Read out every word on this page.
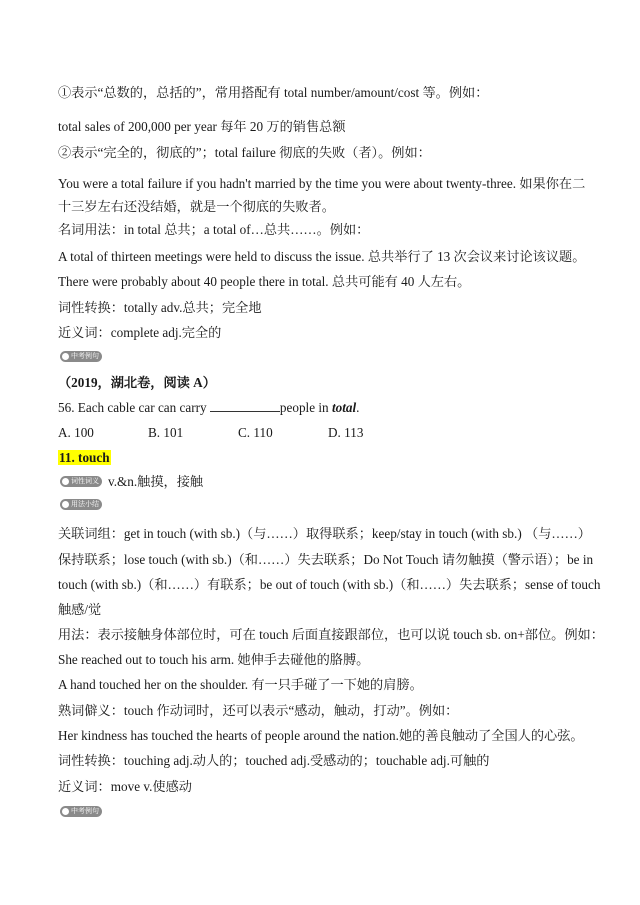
①表示“总数的，总括的”，常用搭配有 total number/amount/cost 等。例如：
total sales of 200,000 per year 每年 20 万的销售总额
②表示“完全的，彻底的”；total failure 彻底的失败（者）。例如：
You were a total failure if you hadn't married by the time you were about twenty-three. 如果你在二
十三岁左右还没结婚，就是一个彻底的失败者。
名词用法：in total 总共；a total of…总共……。例如：
A total of thirteen meetings were held to discuss the issue. 总共举行了 13 次会议来讨论该议题。
There were probably about 40 people there in total. 总共可能有 40 人左右。
词性转换：totally adv.总共；完全地
近义词：complete adj.完全的
中考例句
（2019，湖北卷，阅读 A）
56. Each cable car can carry	people in total.
A. 100	B. 101	C. 110	D. 113
11. touch
词性词义 v.&n.触摸，接触
用法小结
关联词组：get in touch (with sb.)（与……）取得联系；keep/stay in touch (with sb.) （与……）
保持联系；lose touch (with sb.)（和……）失去联系；Do Not Touch 请勿触摸（警示语）；be in
touch (with sb.)（和……）有联系；be out of touch (with sb.)（和……）失去联系；sense of touch
触感/觉
用法：表示接触身体部位时，可在 touch 后面直接跟部位，也可以说 touch sb. on+部位。例如：
She reached out to touch his arm. 她伸手去碰他的胳膊。
A hand touched her on the shoulder. 有一只手碰了一下她的肩膀。
熟词僻义：touch 作动词时，还可以表示“感动，触动，打动”。例如：
Her kindness has touched the hearts of people around the nation.她的善良触动了全国人的心弦。
词性转换：touching adj.动人的；touched adj.受感动的；touchable adj.可触的
近义词：move v.使感动
中考例句
